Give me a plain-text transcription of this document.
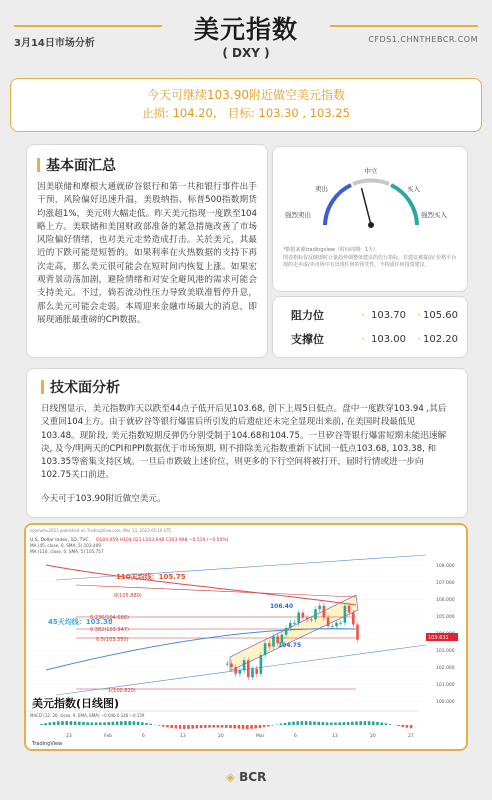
3月14日市场分析	美元指数
( DXY )
CFDS1.CHNTHEBCR.COM
今天可继续103.90附近做空美元指数
止损: 104.20， 目标: 103.30 , 103.25
基本面汇总

因美联储和摩根大通就矽谷银行和第一共和银行事件出手干预，风险偏好迅速升温，美股纳指、标普500指数期货均涨超1%，美元则大幅走低。昨天美元指现一度跌至104略上方。美联储和美国财政部准备的紧急措施改善了市场风险偏好情绪，也对美元走势造成打击。关於美元，其最近的下跌可能是短暂的。如果利率在火热数据的支持下再次走高，那么美元很可能会在短时间内恢复上涨。如果宏观背景动荡加剧，避险情绪和对安全避风港的需求可能会支持美元。不过，倘若流动性压力导致美联准暂停升息，那么美元可能会走弱。本周迎来金融市场最大的消息，即展现通胀最重磅的CPI数据。

中立
卖出	买入
强烈卖出	强烈买入
*数据来源tradingview（时间周期：1天）
图表指标仅反映即时计量趋势调整值建议的先行指标，在建议被提前/ 价格平台现的走卖或/卖市场中有出现任何的预先性，不构成任何投资建议。
阻力位	· 103.70 · 105.60
支撑位	· 103.00 · 102.20
技术面分析

日线图显示，美元指数昨天以跌至44点子低开后见103.68, 创下上周5日低点。盘中一度跌穿103.94 ,其后又重回104上方。由于就矽谷等银行爆雷后所引发的后遗症还未完全显现出来前, 在美国时段最低见103.48。现阶段, 美元指数短期反弹仍分别受制于104.68和104.75。一旦矽谷等银行爆雷短期未能迅速解决, 及今/明两天的CPI和PPI数据优于市场预期, 则不排除美元指数重新下试回一低点103.68, 103.38, 和103.35等密集支持区域。一旦后市跌破上述价位，则更多的下行空间将被打开，届时行情或进一步向102.75关口前进。

今天可于103.90附近做空美元。

zoomuhu2023 published on TradingView.com, Mar 13, 2023 05:16 UTC
U.S. Dollar Index, 1D, TVC O104.059 H104.021 L103.948 C103.998 −0.519 (−0.50%)
MA (45, close, 0, SMA, 5) 103.409
MA (110, close, 0, SMA, 5) 105.757
108.000
107.000
106.000
105.000
103.000
102.000
101.000
100.000
110天均线：105.75
45天均线：103.38
0(105.880)
0.236(104.688)
0.382(103.947)
0.5(103.350)
1(100.820)
106.40
104.75
103.631
美元指数(日线图)
MACD (12, 26, close, 9, EMA, EMA) −0.046 0.146 −0.159
23	Feb	6	13	20	Mar	6	13	20	27
TradingView
◈ BCR
